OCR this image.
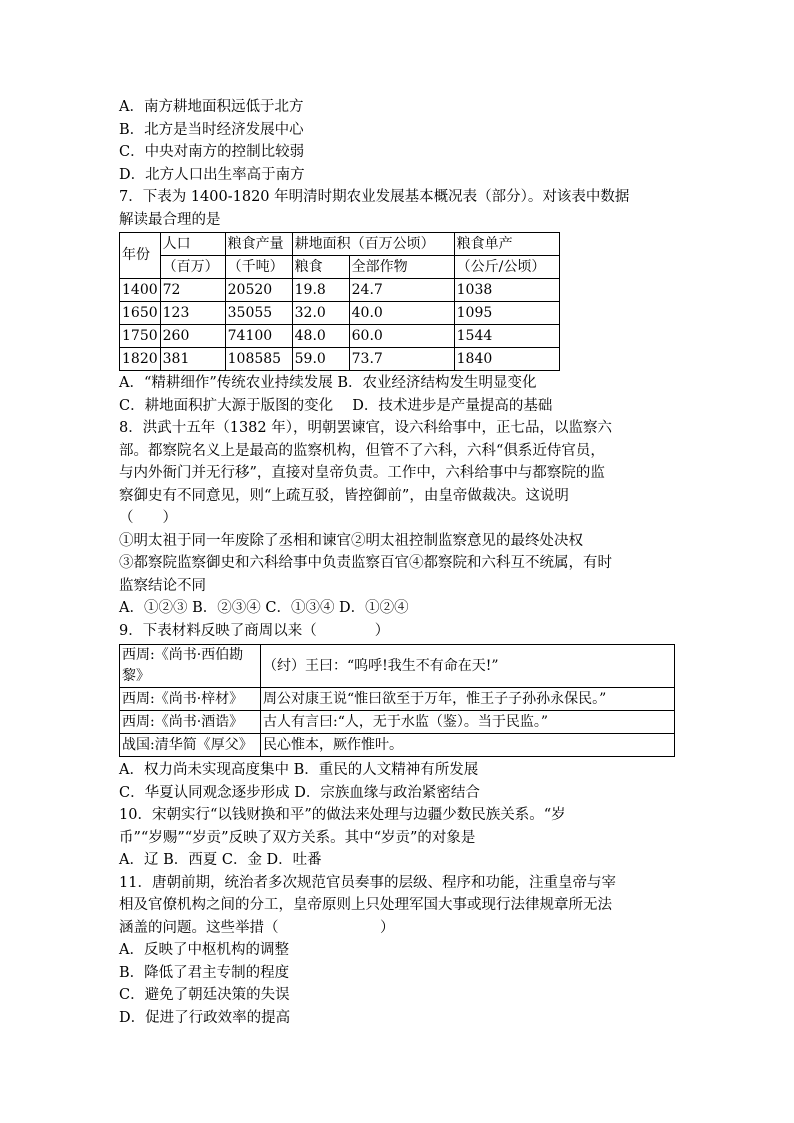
A．南方耕地面积远低于北方
B．北方是当时经济发展中心
C．中央对南方的控制比较弱
D．北方人口出生率高于南方
7．下表为 1400-1820 年明清时期农业发展基本概况表（部分）。对该表中数据
解读最合理的是
年份	人口	粮食产量	耕地面积（百万公顷）		粮食单产
	（百万）	（千吨）	粮食	全部作物	（公斤/公顷）
1400	72	20520	19.8	24.7	1038
1650	123	35055	32.0	40.0	1095
1750	260	74100	48.0	60.0	1544
1820	381	108585	59.0	73.7	1840
A．“精耕细作”传统农业持续发展 B．农业经济结构发生明显变化
C．耕地面积扩大源于版图的变化　 D．技术进步是产量提高的基础
8．洪武十五年（1382 年），明朝罢谏官，设六科给事中，正七品，以监察六
部。都察院名义上是最高的监察机构，但管不了六科，六科“俱系近侍官员，
与内外衙门并无行移”，直接对皇帝负责。工作中，六科给事中与都察院的监
察御史有不同意见，则“上疏互驳，皆控御前”，由皇帝做裁决。这说明
（　　）
①明太祖于同一年废除了丞相和谏官②明太祖控制监察意见的最终处决权
③都察院监察御史和六科给事中负责监察百官④都察院和六科互不统属，有时
监察结论不同
A．①②③ B．②③④ C．①③④ D．①②④
9．下表材料反映了商周以来（　　　　）
西周:《尚书·西伯勘黎》	（纣）王曰：“呜呼!我生不有命在天!”
西周:《尚书·梓材》	周公对康王说“惟曰欲至于万年，惟王子子孙孙永保民。”
西周:《尚书·酒诰》	古人有言曰:“人，无于水监（鉴）。当于民监。”
战国:清华简《厚父》	民心惟本，厥作惟叶。
A．权力尚未实现高度集中 B．重民的人文精神有所发展
C．华夏认同观念逐步形成 D．宗族血缘与政治紧密结合
10．宋朝实行“以钱财换和平”的做法来处理与边疆少数民族关系。“岁
币”“岁赐”“岁贡”反映了双方关系。其中“岁贡”的对象是
A．辽 B．西夏 C．金 D．吐番
11．唐朝前期，统治者多次规范官员奏事的层级、程序和功能，注重皇帝与宰
相及官僚机构之间的分工，皇帝原则上只处理军国大事或现行法律规章所无法
涵盖的问题。这些举措（　　　　　　　）
A．反映了中枢机构的调整
B．降低了君主专制的程度
C．避免了朝廷决策的失误
D．促进了行政效率的提高
